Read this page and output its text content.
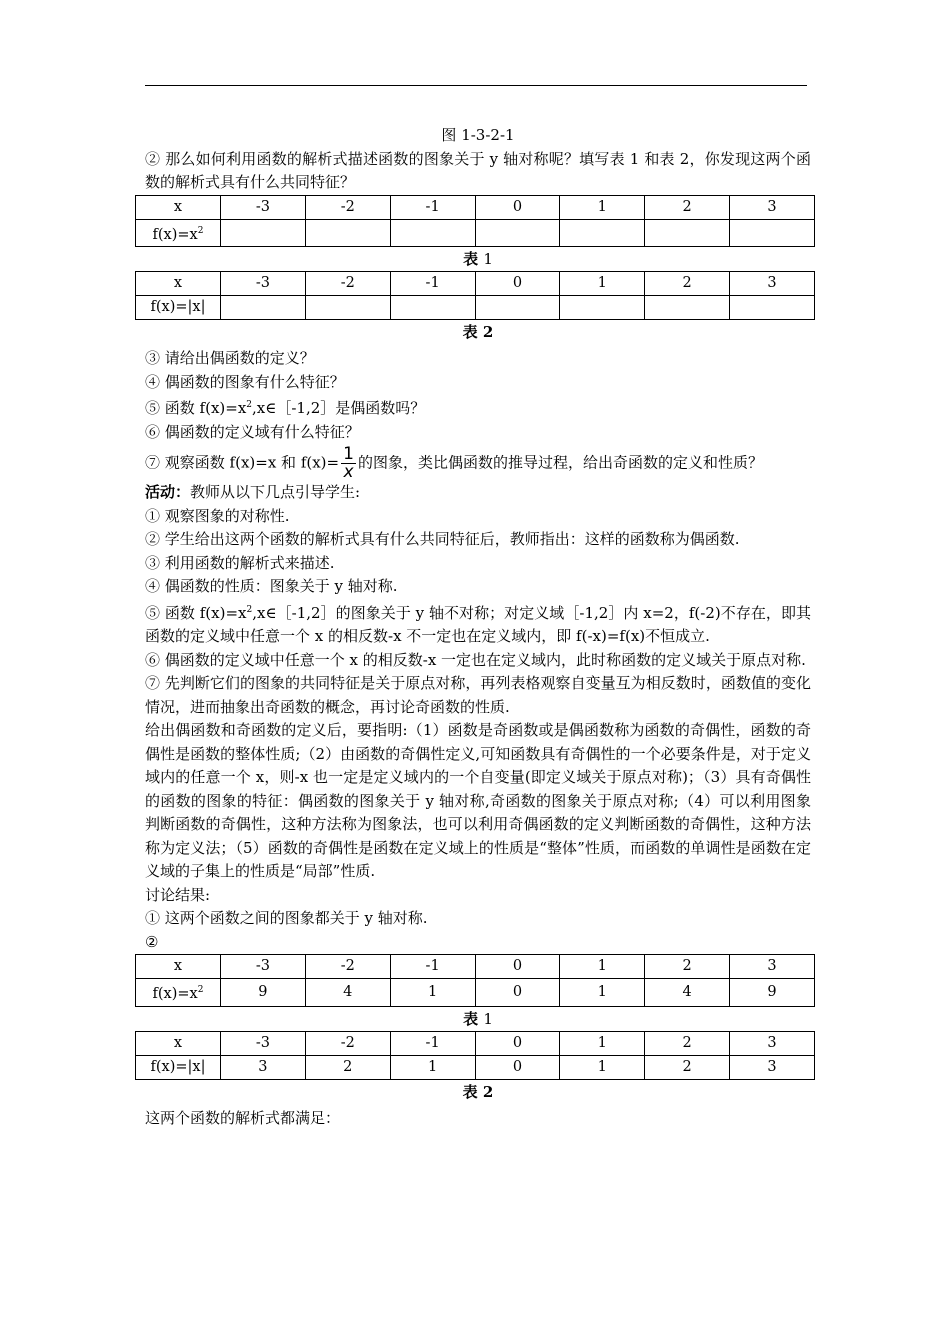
图 1-3-2-1

② 那么如何利用函数的解析式描述函数的图象关于 y 轴对称呢？填写表 1 和表 2，你发现这两个函数的解析式具有什么共同特征？

x	-3	-2	-1	0	1	2	3
$f(x)=x^2$							

表 1

x	-3	-2	-1	0	1	2	3
f(x)=|x|							

表 2

③ 请给出偶函数的定义？

④ 偶函数的图象有什么特征？

⑤ 函数 $f(x)=x^2,x\in[-1,2]$是偶函数吗？

⑥ 偶函数的定义域有什么特征？

⑦ 观察函数 f(x)=x 和 $f(x)= \frac{1}{x}$ 的图象，类比偶函数的推导过程，给出奇函数的定义和性质？

活动：教师从以下几点引导学生:

① 观察图象的对称性.

② 学生给出这两个函数的解析式具有什么共同特征后，教师指出：这样的函数称为偶函数.

③ 利用函数的解析式来描述.

④ 偶函数的性质：图象关于 y 轴对称.

⑤ 函数 $f(x)=x^2,x\in[-1,2]$的图象关于 y 轴不对称；对定义域［-1,2］内 x=2，f(-2)不存在，即其函数的定义域中任意一个 x 的相反数-x 不一定也在定义域内，即 f(-x)=f(x)不恒成立.

⑥ 偶函数的定义域中任意一个 x 的相反数-x 一定也在定义域内，此时称函数的定义域关于原点对称.

⑦ 先判断它们的图象的共同特征是关于原点对称，再列表格观察自变量互为相反数时，函数值的变化情况，进而抽象出奇函数的概念，再讨论奇函数的性质.

给出偶函数和奇函数的定义后，要指明:（1）函数是奇函数或是偶函数称为函数的奇偶性，函数的奇偶性是函数的整体性质;（2）由函数的奇偶性定义,可知函数具有奇偶性的一个必要条件是，对于定义域内的任意一个 x，则-x 也一定是定义域内的一个自变量(即定义域关于原点对称)；（3）具有奇偶性的函数的图象的特征：偶函数的图象关于 y 轴对称,奇函数的图象关于原点对称;（4）可以利用图象判断函数的奇偶性，这种方法称为图象法，也可以利用奇偶函数的定义判断函数的奇偶性，这种方法称为定义法；（5）函数的奇偶性是函数在定义域上的性质是“整体”性质，而函数的单调性是函数在定义域的子集上的性质是“局部”性质.

讨论结果:

① 这两个函数之间的图象都关于 y 轴对称.

②

x	-3	-2	-1	0	1	2	3
$f(x)=x^2$	9	4	1	0	1	4	9

表 1

x	-3	-2	-1	0	1	2	3
f(x)=|x|	3	2	1	0	1	2	3

表 2

这两个函数的解析式都满足：
